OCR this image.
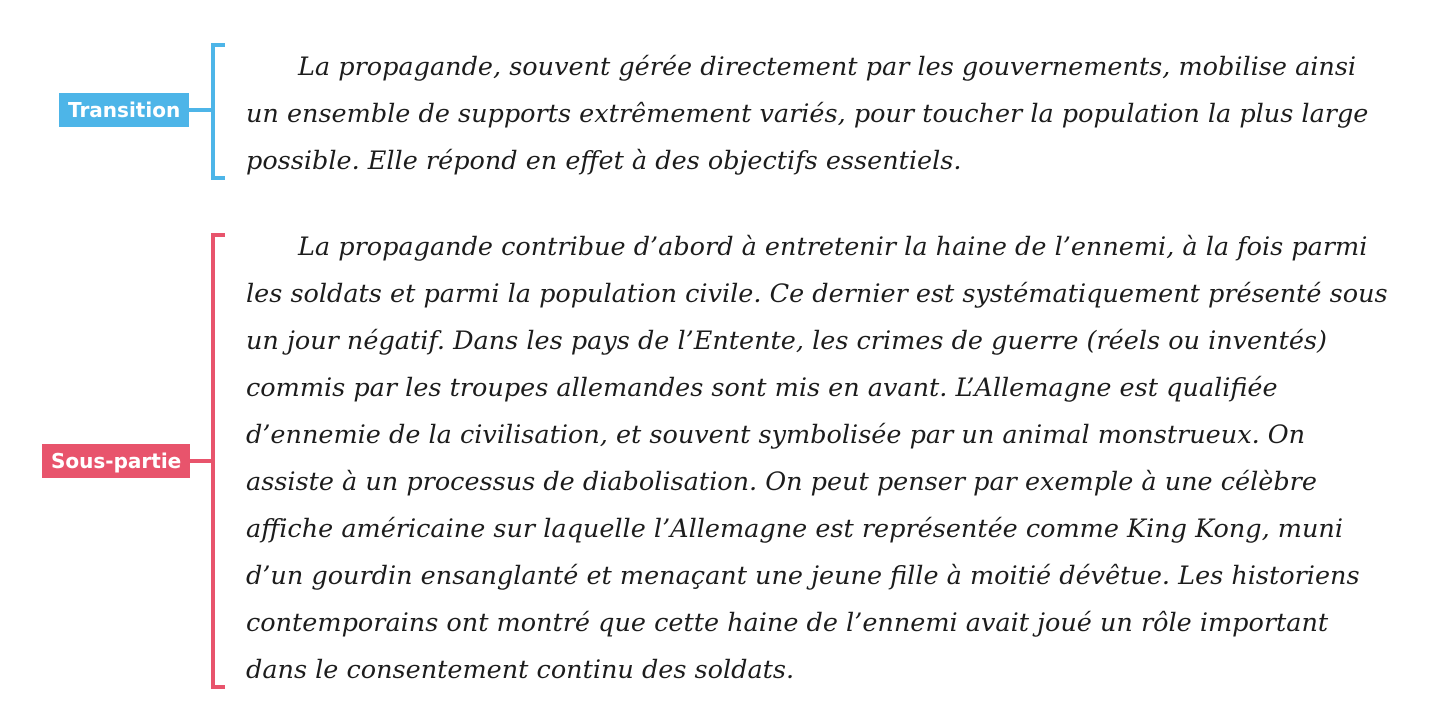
Transition

La propagande, souvent gérée directement par les gouvernements, mobilise ainsi un ensemble de supports extrêmement variés, pour toucher la population la plus large possible. Elle répond en effet à des objectifs essentiels.

Sous-partie

La propagande contribue d’abord à entretenir la haine de l’ennemi, à la fois parmi les soldats et parmi la population civile. Ce dernier est systématiquement présenté sous un jour négatif. Dans les pays de l’Entente, les crimes de guerre (réels ou inventés) commis par les troupes allemandes sont mis en avant. L’Allemagne est qualifiée d’ennemie de la civilisation, et souvent symbolisée par un animal monstrueux. On assiste à un processus de diabolisation. On peut penser par exemple à une célèbre affiche américaine sur laquelle l’Allemagne est représentée comme King Kong, muni d’un gourdin ensanglanté et menaçant une jeune fille à moitié dévêtue. Les historiens contemporains ont montré que cette haine de l’ennemi avait joué un rôle important dans le consentement continu des soldats.
